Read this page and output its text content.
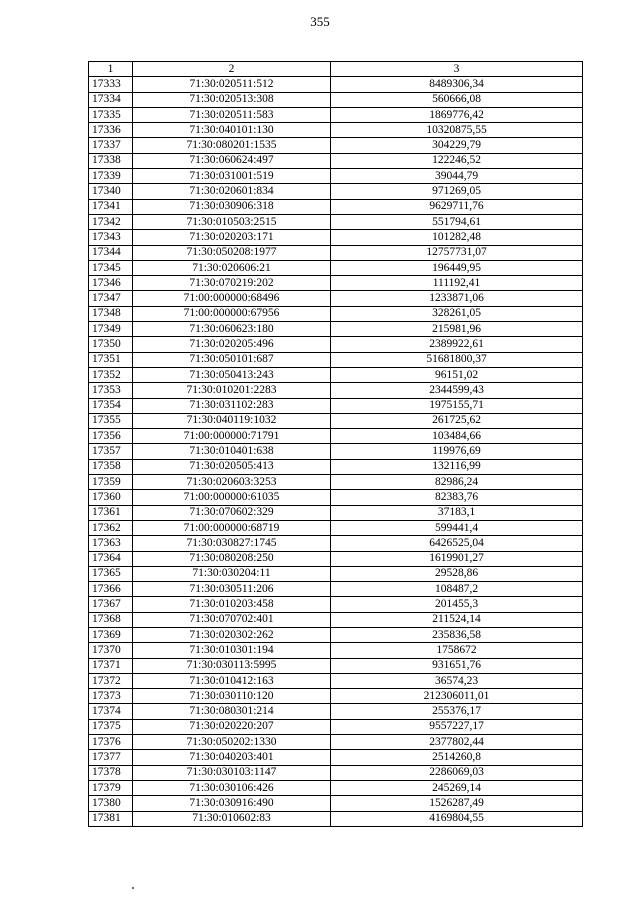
355
1	2	3
17333	71:30:020511:512	8489306,34
17334	71:30:020513:308	560666,08
17335	71:30:020511:583	1869776,42
17336	71:30:040101:130	10320875,55
17337	71:30:080201:1535	304229,79
17338	71:30:060624:497	122246,52
17339	71:30:031001:519	39044,79
17340	71:30:020601:834	971269,05
17341	71:30:030906:318	9629711,76
17342	71:30:010503:2515	551794,61
17343	71:30:020203:171	101282,48
17344	71:30:050208:1977	12757731,07
17345	71:30:020606:21	196449,95
17346	71:30:070219:202	111192,41
17347	71:00:000000:68496	1233871,06
17348	71:00:000000:67956	328261,05
17349	71:30:060623:180	215981,96
17350	71:30:020205:496	2389922,61
17351	71:30:050101:687	51681800,37
17352	71:30:050413:243	96151,02
17353	71:30:010201:2283	2344599,43
17354	71:30:031102:283	1975155,71
17355	71:30:040119:1032	261725,62
17356	71:00:000000:71791	103484,66
17357	71:30:010401:638	119976,69
17358	71:30:020505:413	132116,99
17359	71:30:020603:3253	82986,24
17360	71:00:000000:61035	82383,76
17361	71:30:070602:329	37183,1
17362	71:00:000000:68719	599441,4
17363	71:30:030827:1745	6426525,04
17364	71:30:080208:250	1619901,27
17365	71:30:030204:11	29528,86
17366	71:30:030511:206	108487,2
17367	71:30:010203:458	201455,3
17368	71:30:070702:401	211524,14
17369	71:30:020302:262	235836,58
17370	71:30:010301:194	1758672
17371	71:30:030113:5995	931651,76
17372	71:30:010412:163	36574,23
17373	71:30:030110:120	212306011,01
17374	71:30:080301:214	255376,17
17375	71:30:020220:207	9557227,17
17376	71:30:050202:1330	2377802,44
17377	71:30:040203:401	2514260,8
17378	71:30:030103:1147	2286069,03
17379	71:30:030106:426	245269,14
17380	71:30:030916:490	1526287,49
17381	71:30:010602:83	4169804,55
